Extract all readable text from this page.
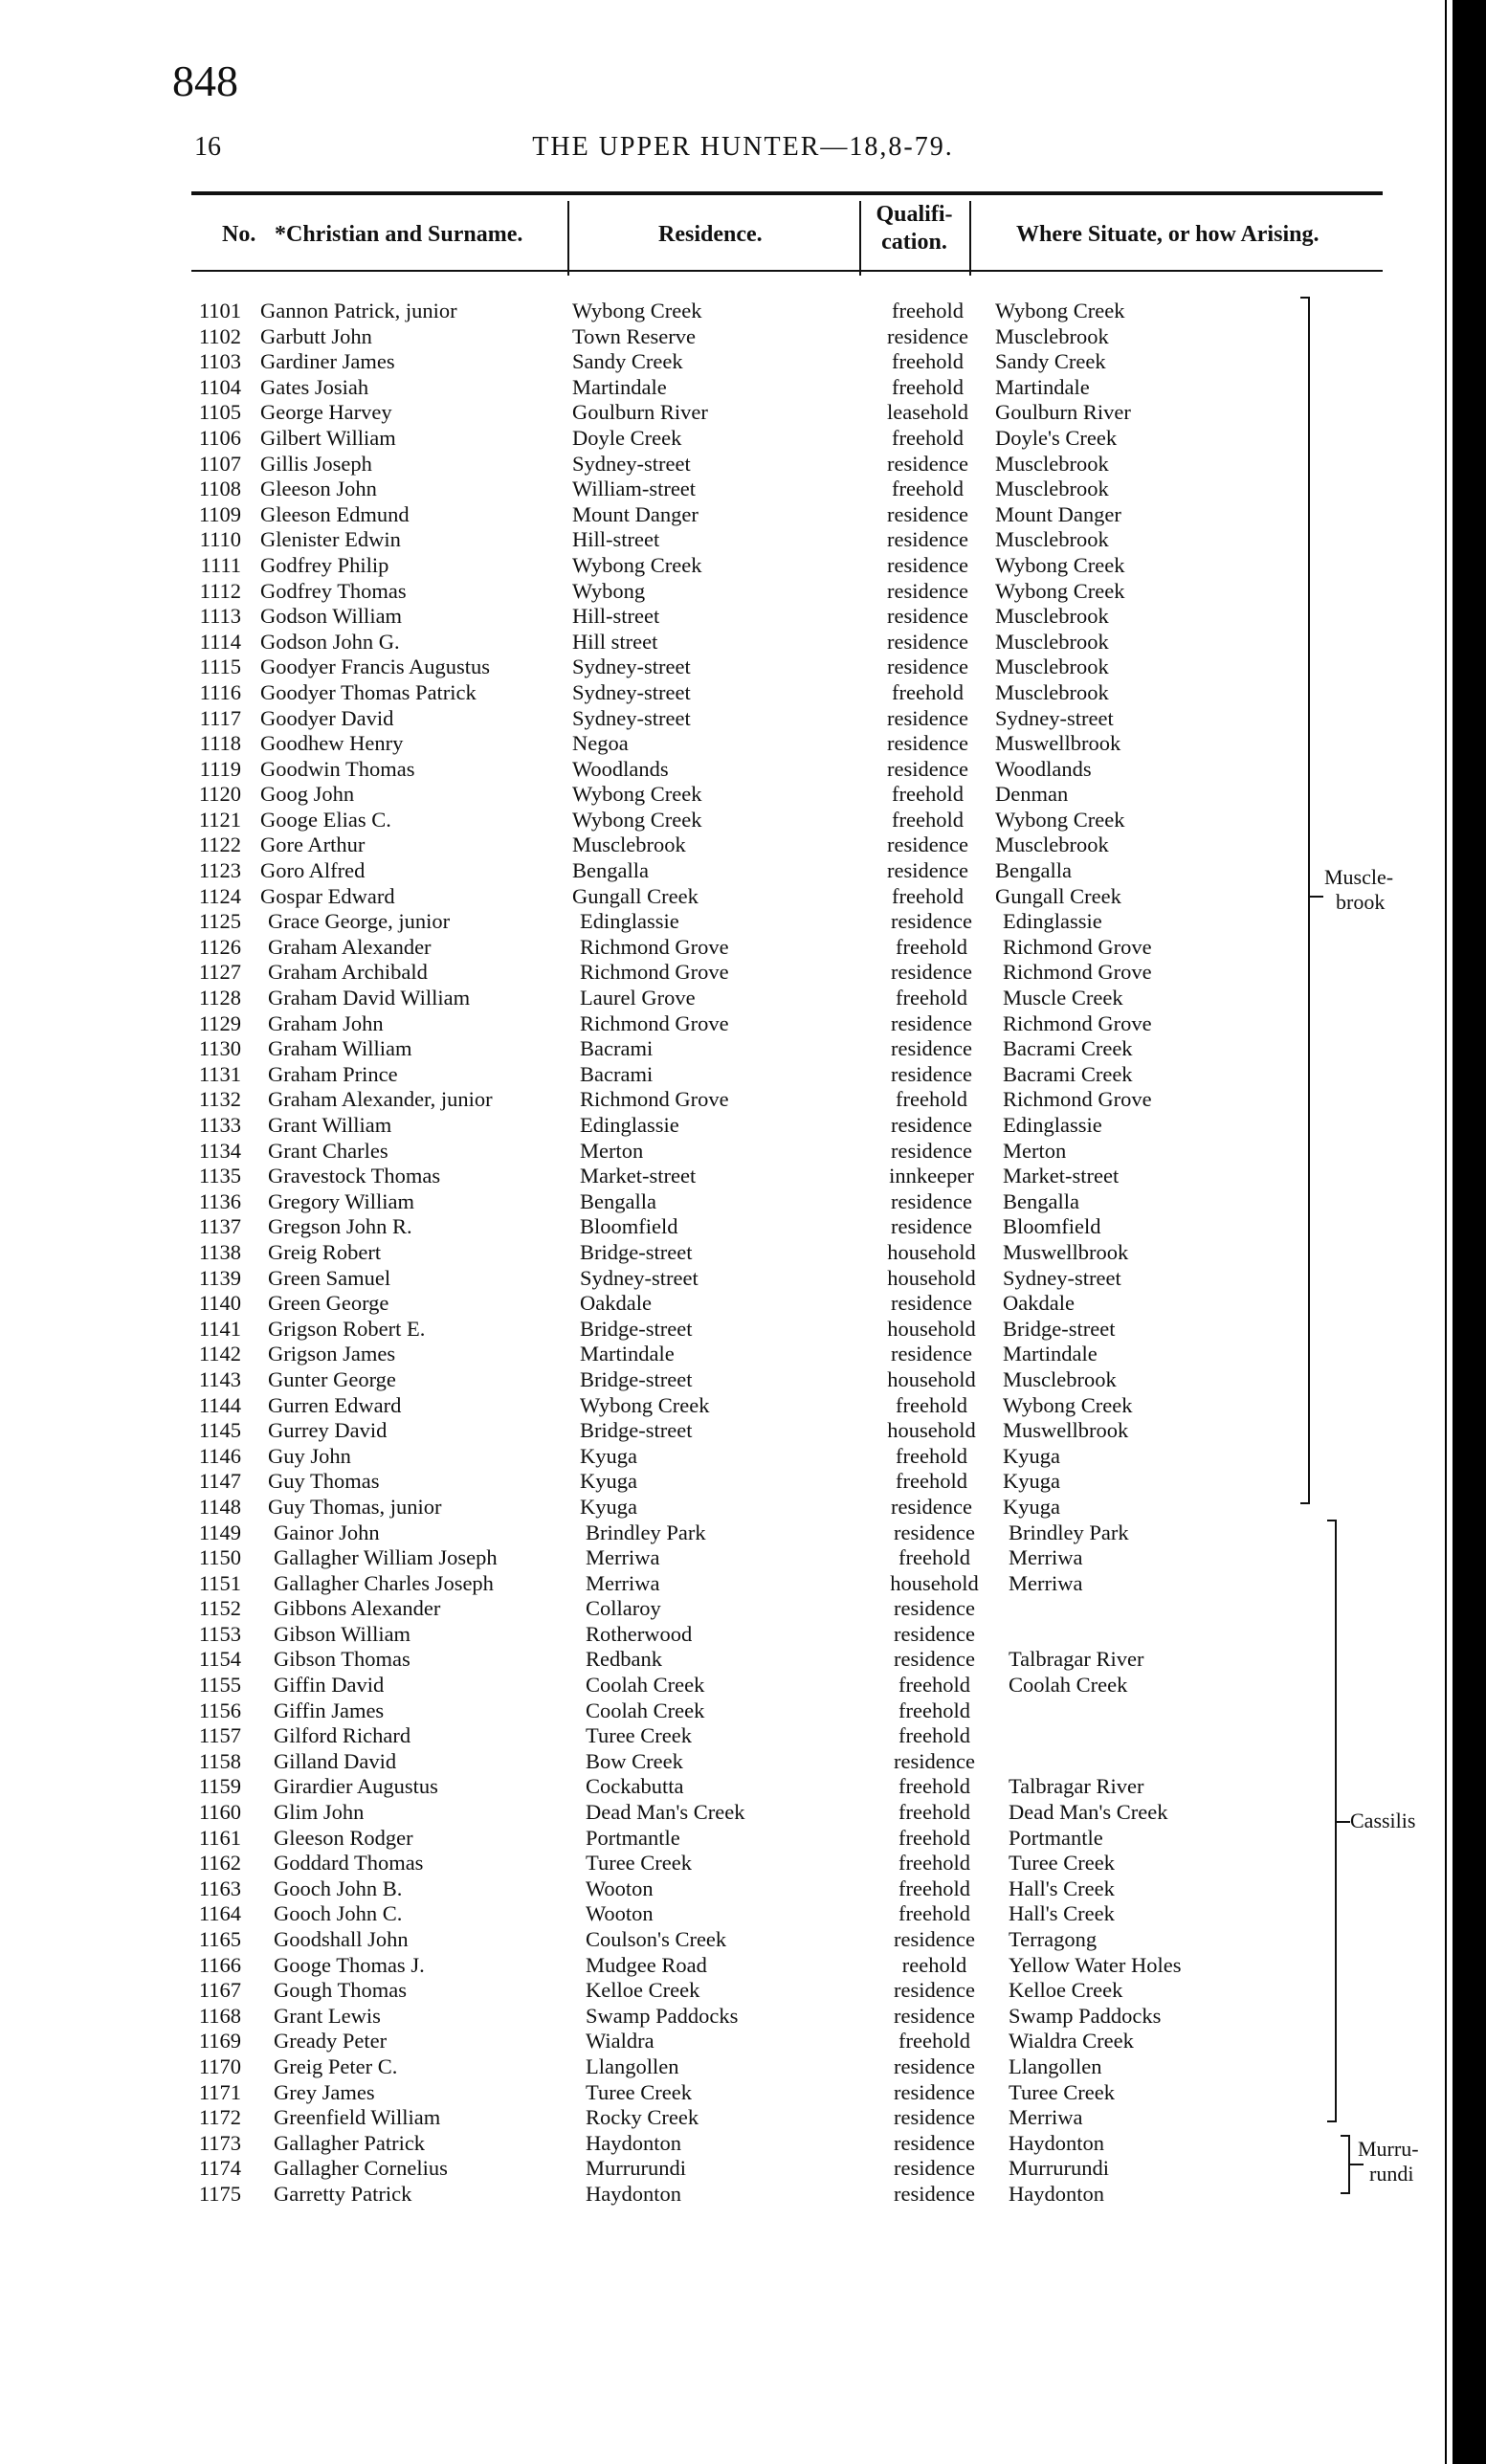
848
16	THE UPPER HUNTER—18,8-79.
No. *Christian and Surname.	Residence.
Qualifi-
cation.	Where Situate, or how Arising.
1101 Gannon Patrick, junior	Wybong Creek	freehold	Wybong Creek
1102 Garbutt John	Town Reserve	residence	Musclebrook
1103 Gardiner James	Sandy Creek	freehold	Sandy Creek
1104 Gates Josiah	Martindale	freehold	Martindale
1105 George Harvey	Goulburn River	leasehold	Goulburn River
1106 Gilbert William	Doyle Creek	freehold	Doyle's Creek
1107 Gillis Joseph	Sydney-street	residence	Musclebrook
1108 Gleeson John	William-street	freehold	Musclebrook
1109 Gleeson Edmund	Mount Danger	residence	Mount Danger
1110 Glenister Edwin	Hill-street	residence	Musclebrook
1111 Godfrey Philip	Wybong Creek	residence	Wybong Creek
1112 Godfrey Thomas	Wybong	residence	Wybong Creek
1113 Godson William	Hill-street	residence	Musclebrook
1114 Godson John G.	Hill street	residence	Musclebrook
1115 Goodyer Francis Augustus	Sydney-street	residence	Musclebrook
1116 Goodyer Thomas Patrick	Sydney-street	freehold	Musclebrook
1117 Goodyer David	Sydney-street	residence	Sydney-street
1118 Goodhew Henry	Negoa	residence	Muswellbrook
1119 Goodwin Thomas	Woodlands	residence	Woodlands
1120 Goog John	Wybong Creek	freehold	Denman
1121 Googe Elias C.	Wybong Creek	freehold	Wybong Creek
1122 Gore Arthur	Musclebrook	residence	Musclebrook
1123 Goro Alfred	Bengalla	residence	Bengalla
1124 Gospar Edward	Gungall Creek	freehold	Gungall Creek
1125 Grace George, junior	Edinglassie	residence	Edinglassie
1126 Graham Alexander	Richmond Grove	freehold	Richmond Grove
1127 Graham Archibald	Richmond Grove	residence	Richmond Grove
1128 Graham David William	Laurel Grove	freehold	Muscle Creek
1129 Graham John	Richmond Grove	residence	Richmond Grove
1130 Graham William	Bacrami	residence	Bacrami Creek
1131 Graham Prince	Bacrami	residence	Bacrami Creek
1132 Graham Alexander, junior	Richmond Grove	freehold	Richmond Grove
1133 Grant William	Edinglassie	residence	Edinglassie
1134 Grant Charles	Merton	residence	Merton
1135 Gravestock Thomas	Market-street	innkeeper	Market-street
1136 Gregory William	Bengalla	residence	Bengalla
1137 Gregson John R.	Bloomfield	residence	Bloomfield
1138 Greig Robert	Bridge-street	household	Muswellbrook
1139 Green Samuel	Sydney-street	household	Sydney-street
1140 Green George	Oakdale	residence	Oakdale
1141 Grigson Robert E.	Bridge-street	household	Bridge-street
1142 Grigson James	Martindale	residence	Martindale
1143 Gunter George	Bridge-street	household	Musclebrook
1144 Gurren Edward	Wybong Creek	freehold	Wybong Creek
1145 Gurrey David	Bridge-street	household	Muswellbrook
1146 Guy John	Kyuga	freehold	Kyuga
1147 Guy Thomas	Kyuga	freehold	Kyuga
1148 Guy Thomas, junior	Kyuga	residence	Kyuga
1149 Gainor John	Brindley Park	residence	Brindley Park
1150 Gallagher William Joseph	Merriwa	freehold	Merriwa
1151 Gallagher Charles Joseph	Merriwa	household	Merriwa
1152 Gibbons Alexander	Collaroy	residence
1153 Gibson William	Rotherwood	residence
1154 Gibson Thomas	Redbank	residence	Talbragar River
1155 Giffin David	Coolah Creek	freehold	Coolah Creek
1156 Giffin James	Coolah Creek	freehold
1157 Gilford Richard	Turee Creek	freehold
1158 Gilland David	Bow Creek	residence
1159 Girardier Augustus	Cockabutta	freehold	Talbragar River
1160 Glim John	Dead Man's Creek	freehold	Dead Man's Creek
1161 Gleeson Rodger	Portmantle	freehold	Portmantle
1162 Goddard Thomas	Turee Creek	freehold	Turee Creek
1163 Gooch John B.	Wooton	freehold	Hall's Creek
1164 Gooch John C.	Wooton	freehold	Hall's Creek
1165 Goodshall John	Coulson's Creek	residence	Terragong
1166 Googe Thomas J.	Mudgee Road	reehold	Yellow Water Holes
1167 Gough Thomas	Kelloe Creek	residence	Kelloe Creek
1168 Grant Lewis	Swamp Paddocks	residence	Swamp Paddocks
1169 Gready Peter	Wialdra	freehold	Wialdra Creek
1170 Greig Peter C.	Llangollen	residence	Llangollen
1171 Grey James	Turee Creek	residence	Turee Creek
1172 Greenfield William	Rocky Creek	residence	Merriwa
1173 Gallagher Patrick	Haydonton	residence	Haydonton
1174 Gallagher Cornelius	Murrurundi	residence	Murrurundi
1175 Garretty Patrick	Haydonton	residence	Haydonton
Muscle-
brook
Cassilis
Murru-
rundi
